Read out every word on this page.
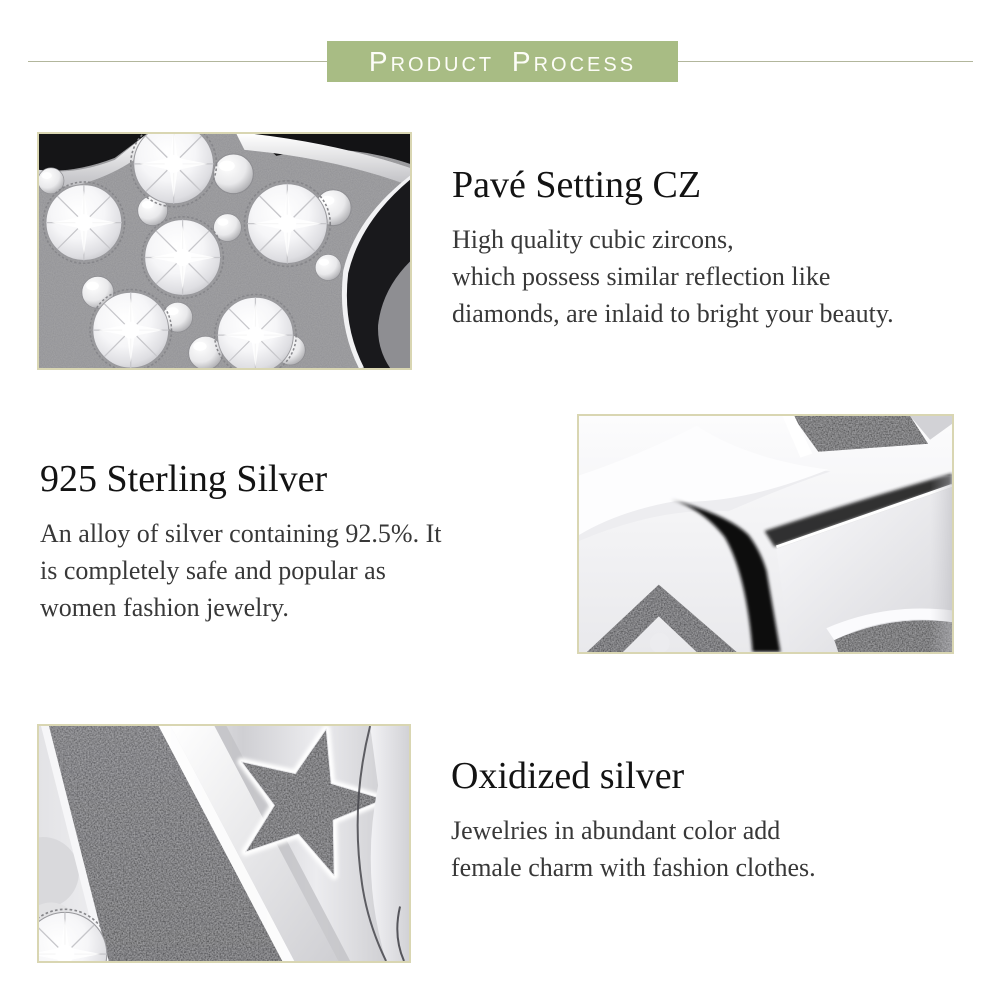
Product Process
Pavé Setting CZ
High quality cubic zircons,
which possess similar reflection like
diamonds, are inlaid to bright your beauty.
925 Sterling Silver
An alloy of silver containing 92.5%. It
is completely safe and popular as
women fashion jewelry.
Oxidized silver
Jewelries in abundant color add
female charm with fashion clothes.
